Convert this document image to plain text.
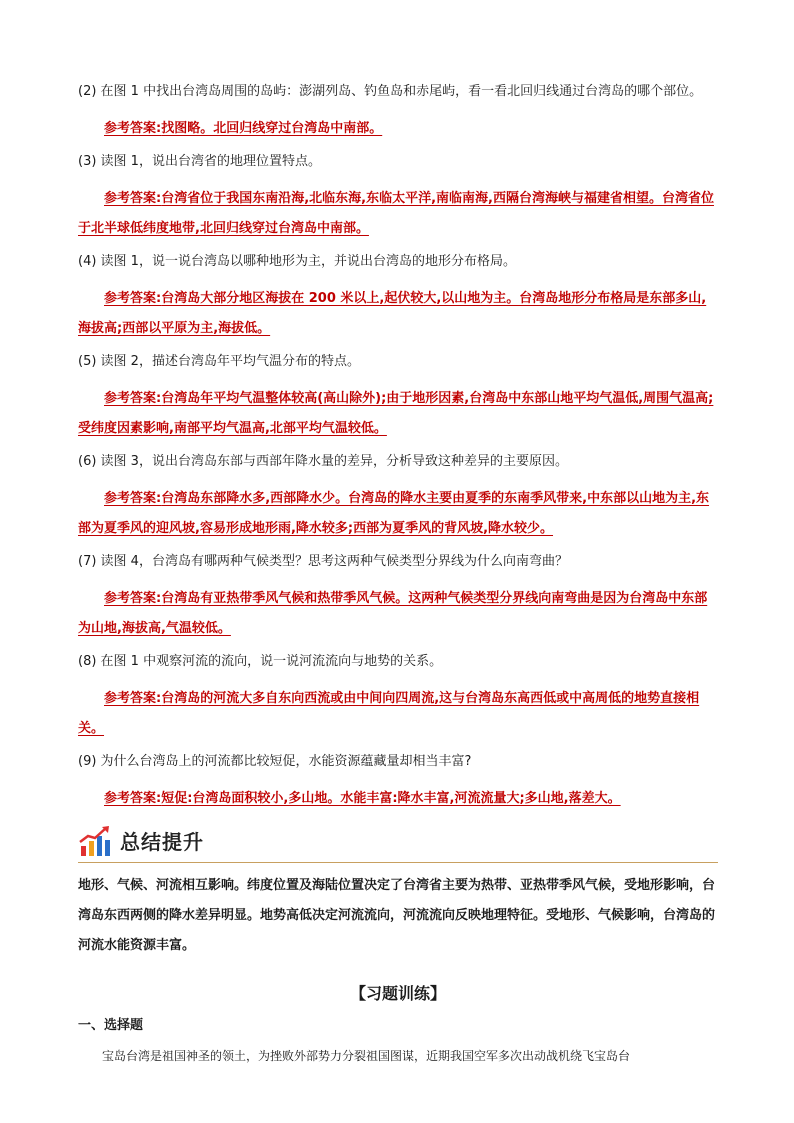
(2) 在图 1 中找出台湾岛周围的岛屿：澎湖列岛、钓鱼岛和赤尾屿，看一看北回归线通过台湾岛的哪个部位。

参考答案:找图略。北回归线穿过台湾岛中南部。

(3) 读图 1，说出台湾省的地理位置特点。

参考答案:台湾省位于我国东南沿海,北临东海,东临太平洋,南临南海,西隔台湾海峡与福建省相望。台湾省位于北半球低纬度地带,北回归线穿过台湾岛中南部。

(4) 读图 1，说一说台湾岛以哪种地形为主，并说出台湾岛的地形分布格局。

参考答案:台湾岛大部分地区海拔在 200 米以上,起伏较大,以山地为主。台湾岛地形分布格局是东部多山,海拔高;西部以平原为主,海拔低。

(5) 读图 2，描述台湾岛年平均气温分布的特点。

参考答案:台湾岛年平均气温整体较高(高山除外);由于地形因素,台湾岛中东部山地平均气温低,周围气温高;受纬度因素影响,南部平均气温高,北部平均气温较低。

(6) 读图 3，说出台湾岛东部与西部年降水量的差异，分析导致这种差异的主要原因。

参考答案:台湾岛东部降水多,西部降水少。台湾岛的降水主要由夏季的东南季风带来,中东部以山地为主,东部为夏季风的迎风坡,容易形成地形雨,降水较多;西部为夏季风的背风坡,降水较少。

(7) 读图 4，台湾岛有哪两种气候类型？思考这两种气候类型分界线为什么向南弯曲？

参考答案:台湾岛有亚热带季风气候和热带季风气候。这两种气候类型分界线向南弯曲是因为台湾岛中东部为山地,海拔高,气温较低。

(8) 在图 1 中观察河流的流向，说一说河流流向与地势的关系。

参考答案:台湾岛的河流大多自东向西流或由中间向四周流,这与台湾岛东高西低或中高周低的地势直接相关。

(9) 为什么台湾岛上的河流都比较短促，水能资源蕴藏量却相当丰富?

参考答案:短促:台湾岛面积较小,多山地。水能丰富:降水丰富,河流流量大;多山地,落差大。

总结提升

地形、气候、河流相互影响。纬度位置及海陆位置决定了台湾省主要为热带、亚热带季风气候，受地形影响，台湾岛东西两侧的降水差异明显。地势高低决定河流流向，河流流向反映地理特征。受地形、气候影响，台湾岛的河流水能资源丰富。

【习题训练】
一、选择题

宝岛台湾是祖国神圣的领土，为挫败外部势力分裂祖国图谋，近期我国空军多次出动战机绕飞宝岛台
